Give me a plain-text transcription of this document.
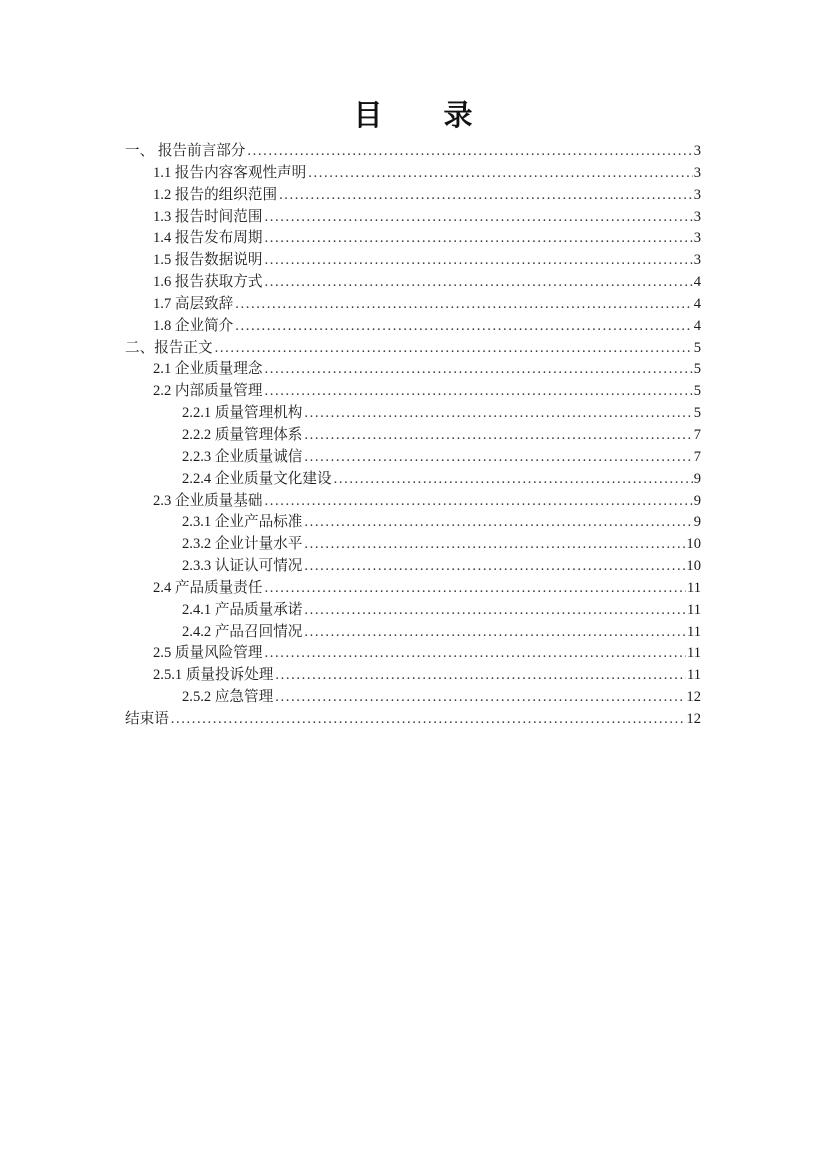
目　　录
一、 报告前言部分 .....	3
1.1 报告内容客观性声明 .....	3
1.2 报告的组织范围 .....	3
1.3 报告时间范围 .....	3
1.4 报告发布周期 .....	3
1.5 报告数据说明 .....	3
1.6 报告获取方式 .....	4
1.7 高层致辞 .....	4
1.8 企业简介 .....	4
二、报告正文 .....	5
2.1 企业质量理念 .....	5
2.2 内部质量管理 .....	5
2.2.1 质量管理机构 .....	5
2.2.2 质量管理体系 .....	7
2.2.3 企业质量诚信 .....	7
2.2.4 企业质量文化建设 .....	9
2.3 企业质量基础 .....	9
2.3.1 企业产品标准 .....	9
2.3.2 企业计量水平 .....	10
2.3.3 认证认可情况 .....	10
2.4 产品质量责任 .....	11
2.4.1 产品质量承诺 .....	11
2.4.2 产品召回情况 .....	11
2.5 质量风险管理 .....	11
2.5.1 质量投诉处理 .....	11
2.5.2 应急管理 .....	12
结束语 .....	12
